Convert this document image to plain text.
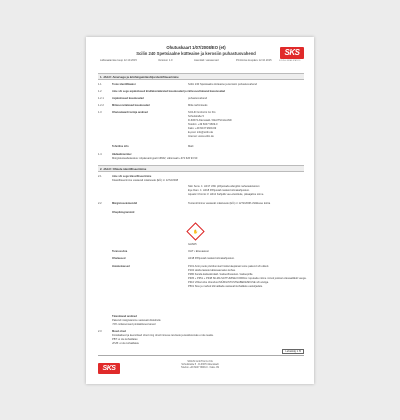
Ohutuskaart 1/07/2008/EO (et)
Scilin 240 Spetsiaalne kütteaine ja kerosiin puhastusvahend	SKS
SCILIN & KIRAS STATZOL
Läbivaatamise kuup 12.10.2015	Versioon 1.0	Asendab: varasemad	Printimise kuupäev 12.10.2015
1. JAGU: Aine/segu ja äriühingu/ettevõtja identifitseerimine
1.1	Toote identifikaator	Scilin 240 Spetsiaalne kütteaine ja kerosiin puhastusvahend
1.2	Aine või segu asjakohased kindlaksmääratud kasutusalad ja mittesoovitatavad kasutusalad
1.2.1	Asjakohased kasutusalad	puhastusvahend
1.2.2	Mittesoovitatavad kasutusalad	Mitte tarbimiseks
1.3	Ohutuskaardi tarnija andmed	SCILIN GmbH & Co KG
Schulstraße 5
D-63674 Altenstadt / DEUTSCHLAND
Telefon: +49 6047 9609-0
Faks: +49 6047 9609-99
E-post: info@scilin.de
Internet: www.scilin.de
Tehniline info	Maili
1.4	Hädaabinumber
Mürgistusteabekeskus: ööpäevaringselt 16662; välismaalt +372 626 93 90
2. JAGU: Ohtude identifitseerimine
2.1	Aine või segu klassifitseerimine
Klassifitseerimine vastavalt määrusele (EÜ) nr 1272/2008
Skin Sens. 1: H317 Võib põhjustada allergilist nahareaktsiooni.
Eye Dam. 1: H318 Põhjustab raskeid silmakahjustusi.
Aquatic Chronic 3: H412 Kahjulik vee-elustikule, pikaajaline toime.
2.2	Märgistuselemendid	Tooteruhtimine vastavalt määrusele (EÜ) nr 1272/2008 ohtlikkuse kohta
Ohupiktogrammid
✋
GHS05
Tunnussõna	OHT • Ettevaatust
Ohulaused	H318 Põhjustab raskeid silmakahjustusi.
Hoiatuslaused	P101 Arsti poole pöördumisel hoida käepärast toote pakend või etikett.
P102 Hoida lastele kättesaamatus kohas.
P280 Kanda kaitsekindaid / kaitserõivastust / kaitseprille.
P305 + P351 + P338 SILMA SATTUMISE KORRAL: loputada mitme minuti jooksul ettevaatlikult veega.
P310 Võtta kohe ühendust MÜRGISTUSTEABEKESKUSE või arstiga.
P501 Sisu ja mahuti kõrvaldada vastavalt kohalikele eeskirjadele.
Täiendavad andmed
Pakendi märgistamine vastavalt direktiivile
<5% mitteioonsed pindaktiivsed ained
2.3	Muud ohud
Füüsikalised ja keemilised ohud ning ohud inimese tervisele ja keskkonnale ei ole teada.
PBT: ei ole kohaldatav
vPvB: ei ole kohaldatav
Lehekülg 1 /5
SKS
SCILIN GmbH & Co KG
Schulstraße 5 · D-63674 Altenstadt
Telefon +49 6047 9609-0 · Faks -99
